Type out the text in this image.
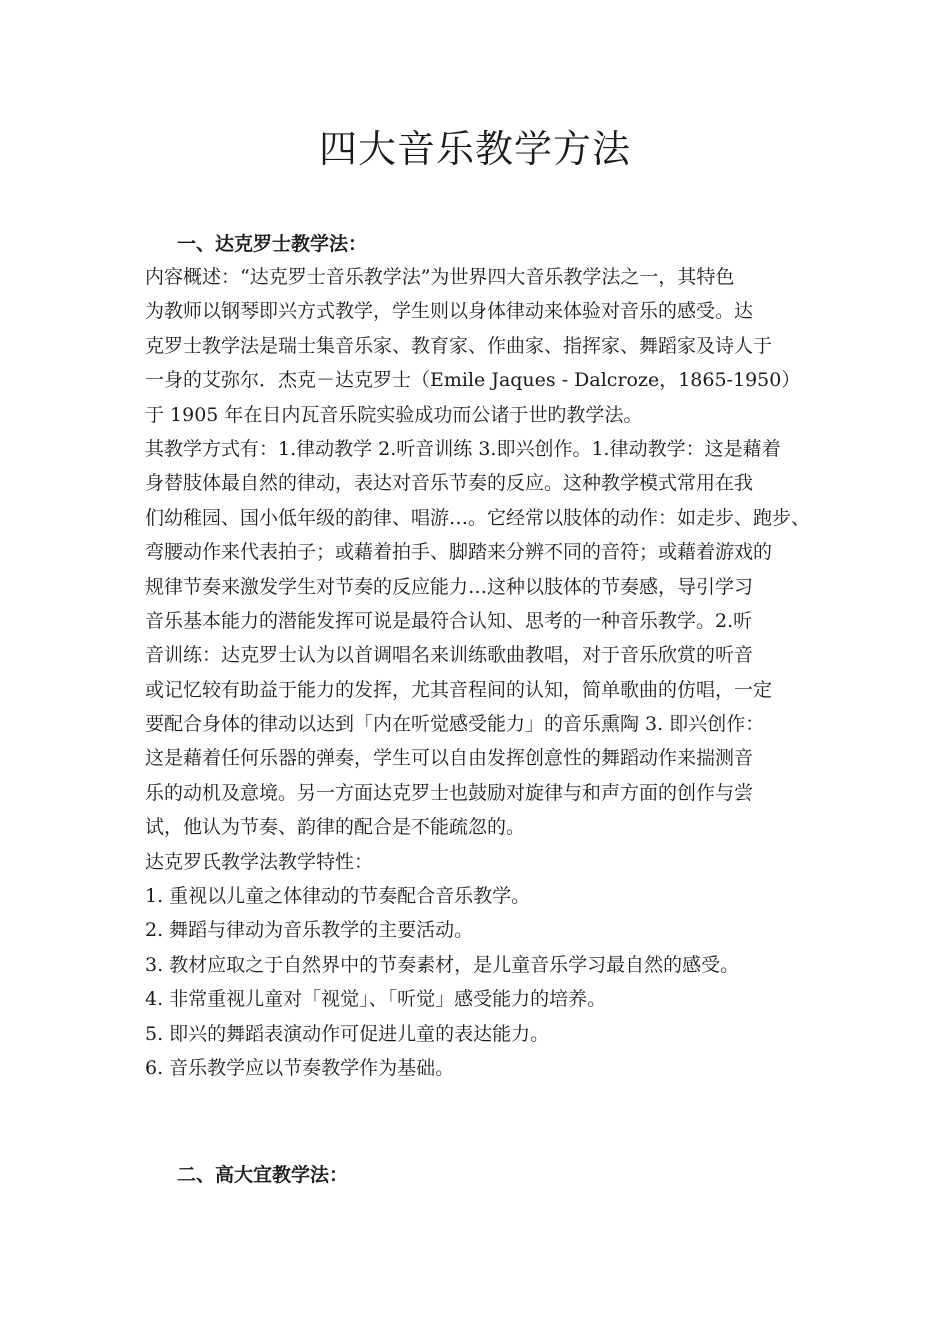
四大音乐教学方法
一、达克罗士教学法：
内容概述：“达克罗士音乐教学法”为世界四大音乐教学法之一，其特色
为教师以钢琴即兴方式教学，学生则以身体律动来体验对音乐的感受。达
克罗士教学法是瑞士集音乐家、教育家、作曲家、指挥家、舞蹈家及诗人于
一身的艾弥尔．杰克－达克罗士（Emile Jaques - Dalcroze，1865-1950）
于 1905 年在日内瓦音乐院实验成功而公诸于世旳教学法。
其教学方式有：1.律动教学 2.听音训练 3.即兴创作。1.律动教学：这是藉着
身替肢体最自然的律动，表达对音乐节奏的反应。这种教学模式常用在我
们幼稚园、国小低年级的韵律、唱游…。它经常以肢体的动作：如走步、跑步、
弯腰动作来代表拍子；或藉着拍手、脚踏来分辨不同的音符；或藉着游戏的
规律节奏来激发学生对节奏的反应能力…这种以肢体的节奏感，导引学习
音乐基本能力的潜能发挥可说是最符合认知、思考的一种音乐教学。2.听
音训练：达克罗士认为以首调唱名来训练歌曲教唱，对于音乐欣赏的听音
或记忆较有助益于能力的发挥，尤其音程间的认知，简单歌曲的仿唱，一定
要配合身体的律动以达到「内在听觉感受能力」的音乐熏陶 3. 即兴创作：
这是藉着任何乐器的弹奏，学生可以自由发挥创意性的舞蹈动作来揣测音
乐的动机及意境。另一方面达克罗士也鼓励对旋律与和声方面的创作与尝
试，他认为节奏、韵律的配合是不能疏忽的。
达克罗氏教学法教学特性：
1. 重视以儿童之体律动的节奏配合音乐教学。
2. 舞蹈与律动为音乐教学的主要活动。
3. 教材应取之于自然界中的节奏素材，是儿童音乐学习最自然的感受。
4. 非常重视儿童对「视觉」、「听觉」感受能力的培养。
5. 即兴的舞蹈表演动作可促进儿童的表达能力。
6. 音乐教学应以节奏教学作为基础。
二、高大宜教学法：
